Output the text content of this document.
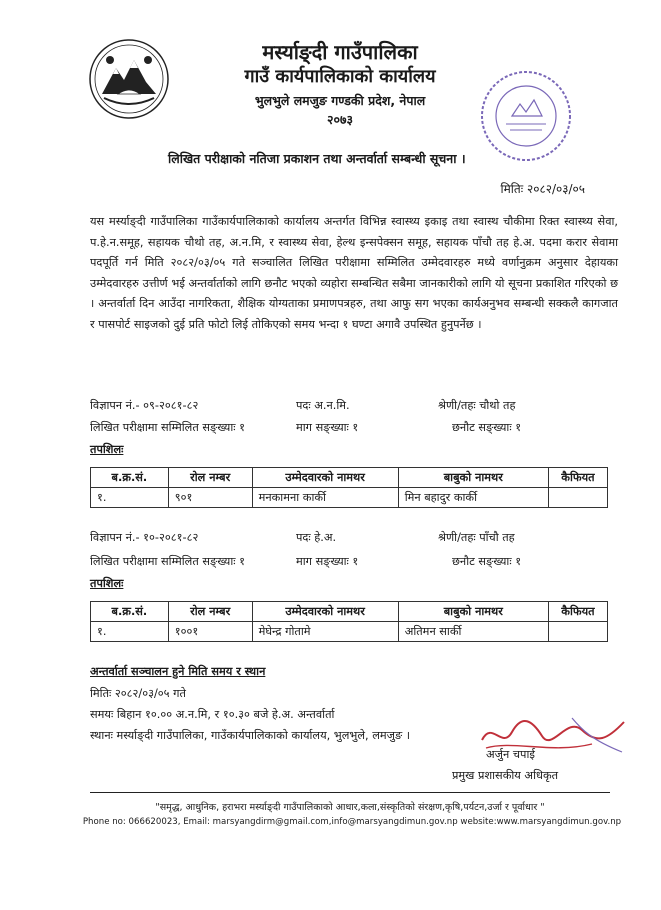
मर्स्याङ्दी गाउँपालिका
गाउँ कार्यपालिकाको कार्यालय
भुलभुले लमजुङ गण्डकी प्रदेश, नेपाल
२०७३
लिखित परीक्षाको नतिजा प्रकाशन तथा अन्तर्वार्ता सम्बन्धी सूचना ।
मितिः २०८२/०३/०५
यस मर्स्याङ्दी गाउँपालिका गाउँकार्यपालिकाको कार्यालय अन्तर्गत विभिन्न स्वास्थ्य इकाइ तथा स्वास्थ चौकीमा रिक्त स्वास्थ्य सेवा, प.हे.न.समूह, सहायक चौथो तह, अ.न.मि, र स्वास्थ्य सेवा, हेल्थ इन्सपेक्सन समूह, सहायक पाँचौ तह हे.अ. पदमा करार सेवामा पदपूर्ति गर्न मिति २०८२/०३/०५ गते सञ्चालित लिखित परीक्षामा सम्मिलित उम्मेदवारहरु मध्ये वर्णानुक्रम अनुसार देहायका उम्मेदवारहरु उत्तीर्ण भई अन्तर्वार्ताको लागि छनौट भएको व्यहोरा सम्बन्धित सबैमा जानकारीको लागि यो सूचना प्रकाशित गरिएको छ । अन्तर्वार्ता दिन आउँदा नागरिकता, शैक्षिक योग्यताका प्रमाणपत्रहरु, तथा आफु सग भएका कार्यअनुभव सम्बन्धी सक्कलै कागजात र पासपोर्ट साइजको दुई प्रति फोटो लिई तोकिएको समय भन्दा १ घण्टा अगावै उपस्थित हुनुपर्नेछ ।
विज्ञापन नं.- ०९-२०८१-८२	पदः अ.न.मि.	श्रेणी/तहः चौथो तह
लिखित परीक्षामा सम्मिलित सङ्ख्याः १	माग सङ्ख्याः १	छनौट सङ्ख्याः १
तपशिलः
ब.क्र.सं.	रोल नम्बर	उम्मेदवारको नामथर	बाबुको नामथर	कैफियत
१.	९०१	मनकामना कार्की	मिन बहादुर कार्की	
विज्ञापन नं.- १०-२०८१-८२	पदः हे.अ.	श्रेणी/तहः पाँचौ तह
लिखित परीक्षामा सम्मिलित सङ्ख्याः १	माग सङ्ख्याः १	छनौट सङ्ख्याः १
तपशिलः
ब.क्र.सं.	रोल नम्बर	उम्मेदवारको नामथर	बाबुको नामथर	कैफियत
१.	१००१	मेघेन्द्र गोतामे	अतिमन सार्की	
अन्तर्वार्ता सञ्चालन हुने मिति समय र स्थान
मितिः २०८२/०३/०५ गते
समयः बिहान १०.०० अ.न.मि, र १०.३० बजे हे.अ. अन्तर्वार्ता
स्थानः मर्स्याङ्दी गाउँपालिका, गाउँकार्यपालिकाको कार्यालय, भुलभुले, लमजुङ ।
अर्जुन चपाई
प्रमुख प्रशासकीय अधिकृत
"समृद्ध, आधुनिक, हराभरा मर्स्याङ्दी गाउँपालिकाको आधार,कला,संस्कृतिको संरक्षण,कृषि,पर्यटन,उर्जा र पूर्वाधार "
Phone no: 066620023, Email: marsyangdirm@gmail.com,info@marsyangdimun.gov.np website:www.marsyangdimun.gov.np
